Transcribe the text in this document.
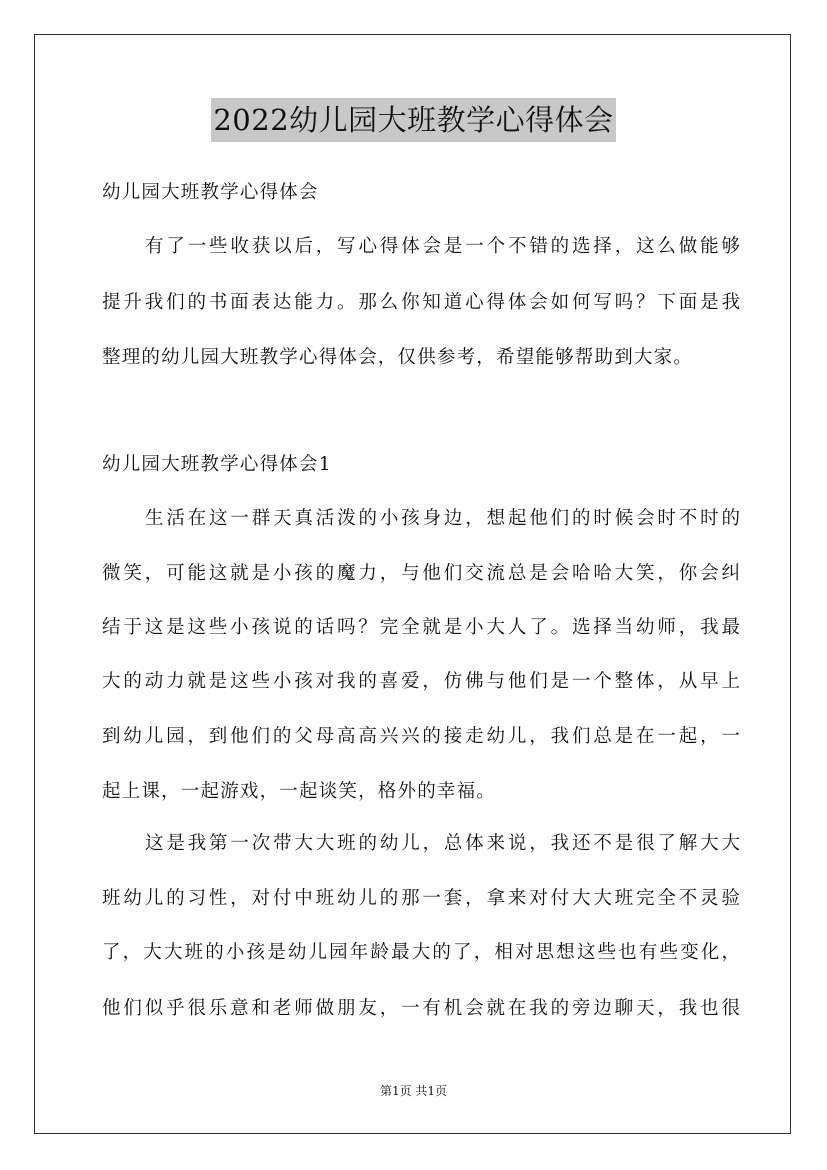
2022幼儿园大班教学心得体会
幼儿园大班教学心得体会
有了一些收获以后，写心得体会是一个不错的选择，这么做能够
提升我们的书面表达能力。那么你知道心得体会如何写吗？下面是我
整理的幼儿园大班教学心得体会，仅供参考，希望能够帮助到大家。
幼儿园大班教学心得体会1
生活在这一群天真活泼的小孩身边，想起他们的时候会时不时的
微笑，可能这就是小孩的魔力，与他们交流总是会哈哈大笑，你会纠
结于这是这些小孩说的话吗？完全就是小大人了。选择当幼师，我最
大的动力就是这些小孩对我的喜爱，仿佛与他们是一个整体，从早上
到幼儿园，到他们的父母高高兴兴的接走幼儿，我们总是在一起，一
起上课，一起游戏，一起谈笑，格外的幸福。
这是我第一次带大大班的幼儿，总体来说，我还不是很了解大大
班幼儿的习性，对付中班幼儿的那一套，拿来对付大大班完全不灵验
了，大大班的小孩是幼儿园年龄最大的了，相对思想这些也有些变化，
他们似乎很乐意和老师做朋友，一有机会就在我的旁边聊天，我也很
第1页 共1页
